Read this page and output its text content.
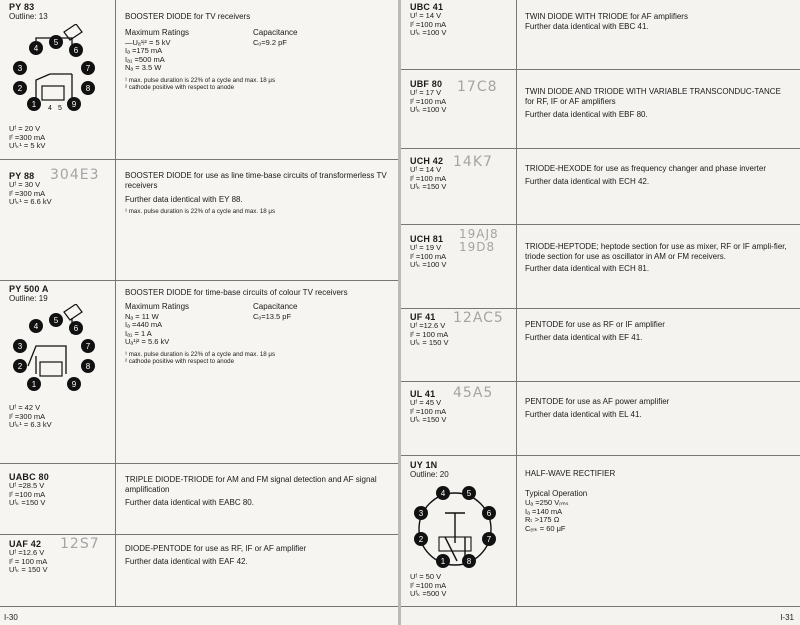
PY 83
Outline: 13
4
5
6
3	7
2	8
1	9
4 5
Uᶠ = 20 V
Iᶠ =300 mA
Uᶠₖ¹ = 5 kV
BOOSTER DIODE for TV receivers
Maximum Ratings
—Uₐ¹ʲ² = 5 kV
Iₐ =175 mA
Iₐ₁ =500 mA
Nₐ = 3.5 W
Capacitance
Cₒ=9.2 pF
¹ max. pulse duration is 22% of a cycle and max. 18 μs
² cathode positive with respect to anode
PY 88 304E3
Uᶠ = 30 V
Iᶠ =300 mA
Uᶠₖ¹ = 6.6 kV
BOOSTER DIODE for use as line time-base circuits of transformerless TV receivers
Further data identical with EY 88.
¹ max. pulse duration is 22% of a cycle and max. 18 μs
PY 500 A
Outline: 19
4
5
6
3	7
2	8
1	9
Uᶠ = 42 V
Iᶠ =300 mA
Uᶠₖ¹ = 6.3 kV
BOOSTER DIODE for time-base circuits of colour TV receivers
Maximum Ratings
Nₐ = 11 W
Iₐ =440 mA
Iₐ₁ = 1 A
Uₐ¹ʲ² = 5.6 kV
Capacitance
Cₒ=13.5 pF
¹ max. pulse duration is 22% of a cycle and max. 18 μs
² cathode positive with respect to anode
UABC 80
Uᶠ =28.5 V
Iᶠ =100 mA
Uᶠₖ =150 V
TRIPLE DIODE-TRIODE for AM and FM signal detection and AF signal amplification
Further data identical with EABC 80.
UAF 42 12S7
Uᶠ =12.6 V
Iᶠ = 100 mA
Uᶠₖ = 150 V
DIODE-PENTODE for use as RF, IF or AF amplifier
Further data identical with EAF 42.
I-30
UBC 41
Uᶠ = 14 V
Iᶠ =100 mA
Uᶠₖ =100 V
TWIN DIODE WITH TRIODE for AF amplifiers
Further data identical with EBC 41.
UBF 80 17C8
Uᶠ = 17 V
Iᶠ =100 mA
Uᶠₖ =100 V
TWIN DIODE AND TRIODE WITH VARIABLE TRANSCONDUC-TANCE for RF, IF or AF amplifiers
Further data identical with EBF 80.
UCH 42 14K7
Uᶠ = 14 V
Iᶠ =100 mA
Uᶠₖ =150 V
TRIODE-HEXODE for use as frequency changer and phase inverter
Further data identical with ECH 42.
UCH 81 19AJ8 19D8
Uᶠ = 19 V
Iᶠ =100 mA
Uᶠₖ =100 V
TRIODE-HEPTODE; heptode section for use as mixer, RF or IF ampli-fier, triode section for use as oscillator in AM or FM receivers.
Further data identical with ECH 81.
UF 41 12AC5
Uᶠ =12.6 V
Iᶠ = 100 mA
Uᶠₖ = 150 V
PENTODE for use as RF or IF amplifier
Further data identical with EF 41.
UL 41 45A5
Uᶠ = 45 V
Iᶠ =100 mA
Uᶠₖ =150 V
PENTODE for use as AF power amplifier
Further data identical with EL 41.
UY 1N
Outline: 20
4	5
3	6
2	7
1	8
Uᶠ = 50 V
Iᶠ =100 mA
Uᶠₖ =500 V
HALF-WAVE RECTIFIER
Typical Operation
Uₐ =250 Vᵣₘₛ
Iₐ =140 mA
Rₜ >175 Ω
Cₑₗₖ = 60 μF
I-31
